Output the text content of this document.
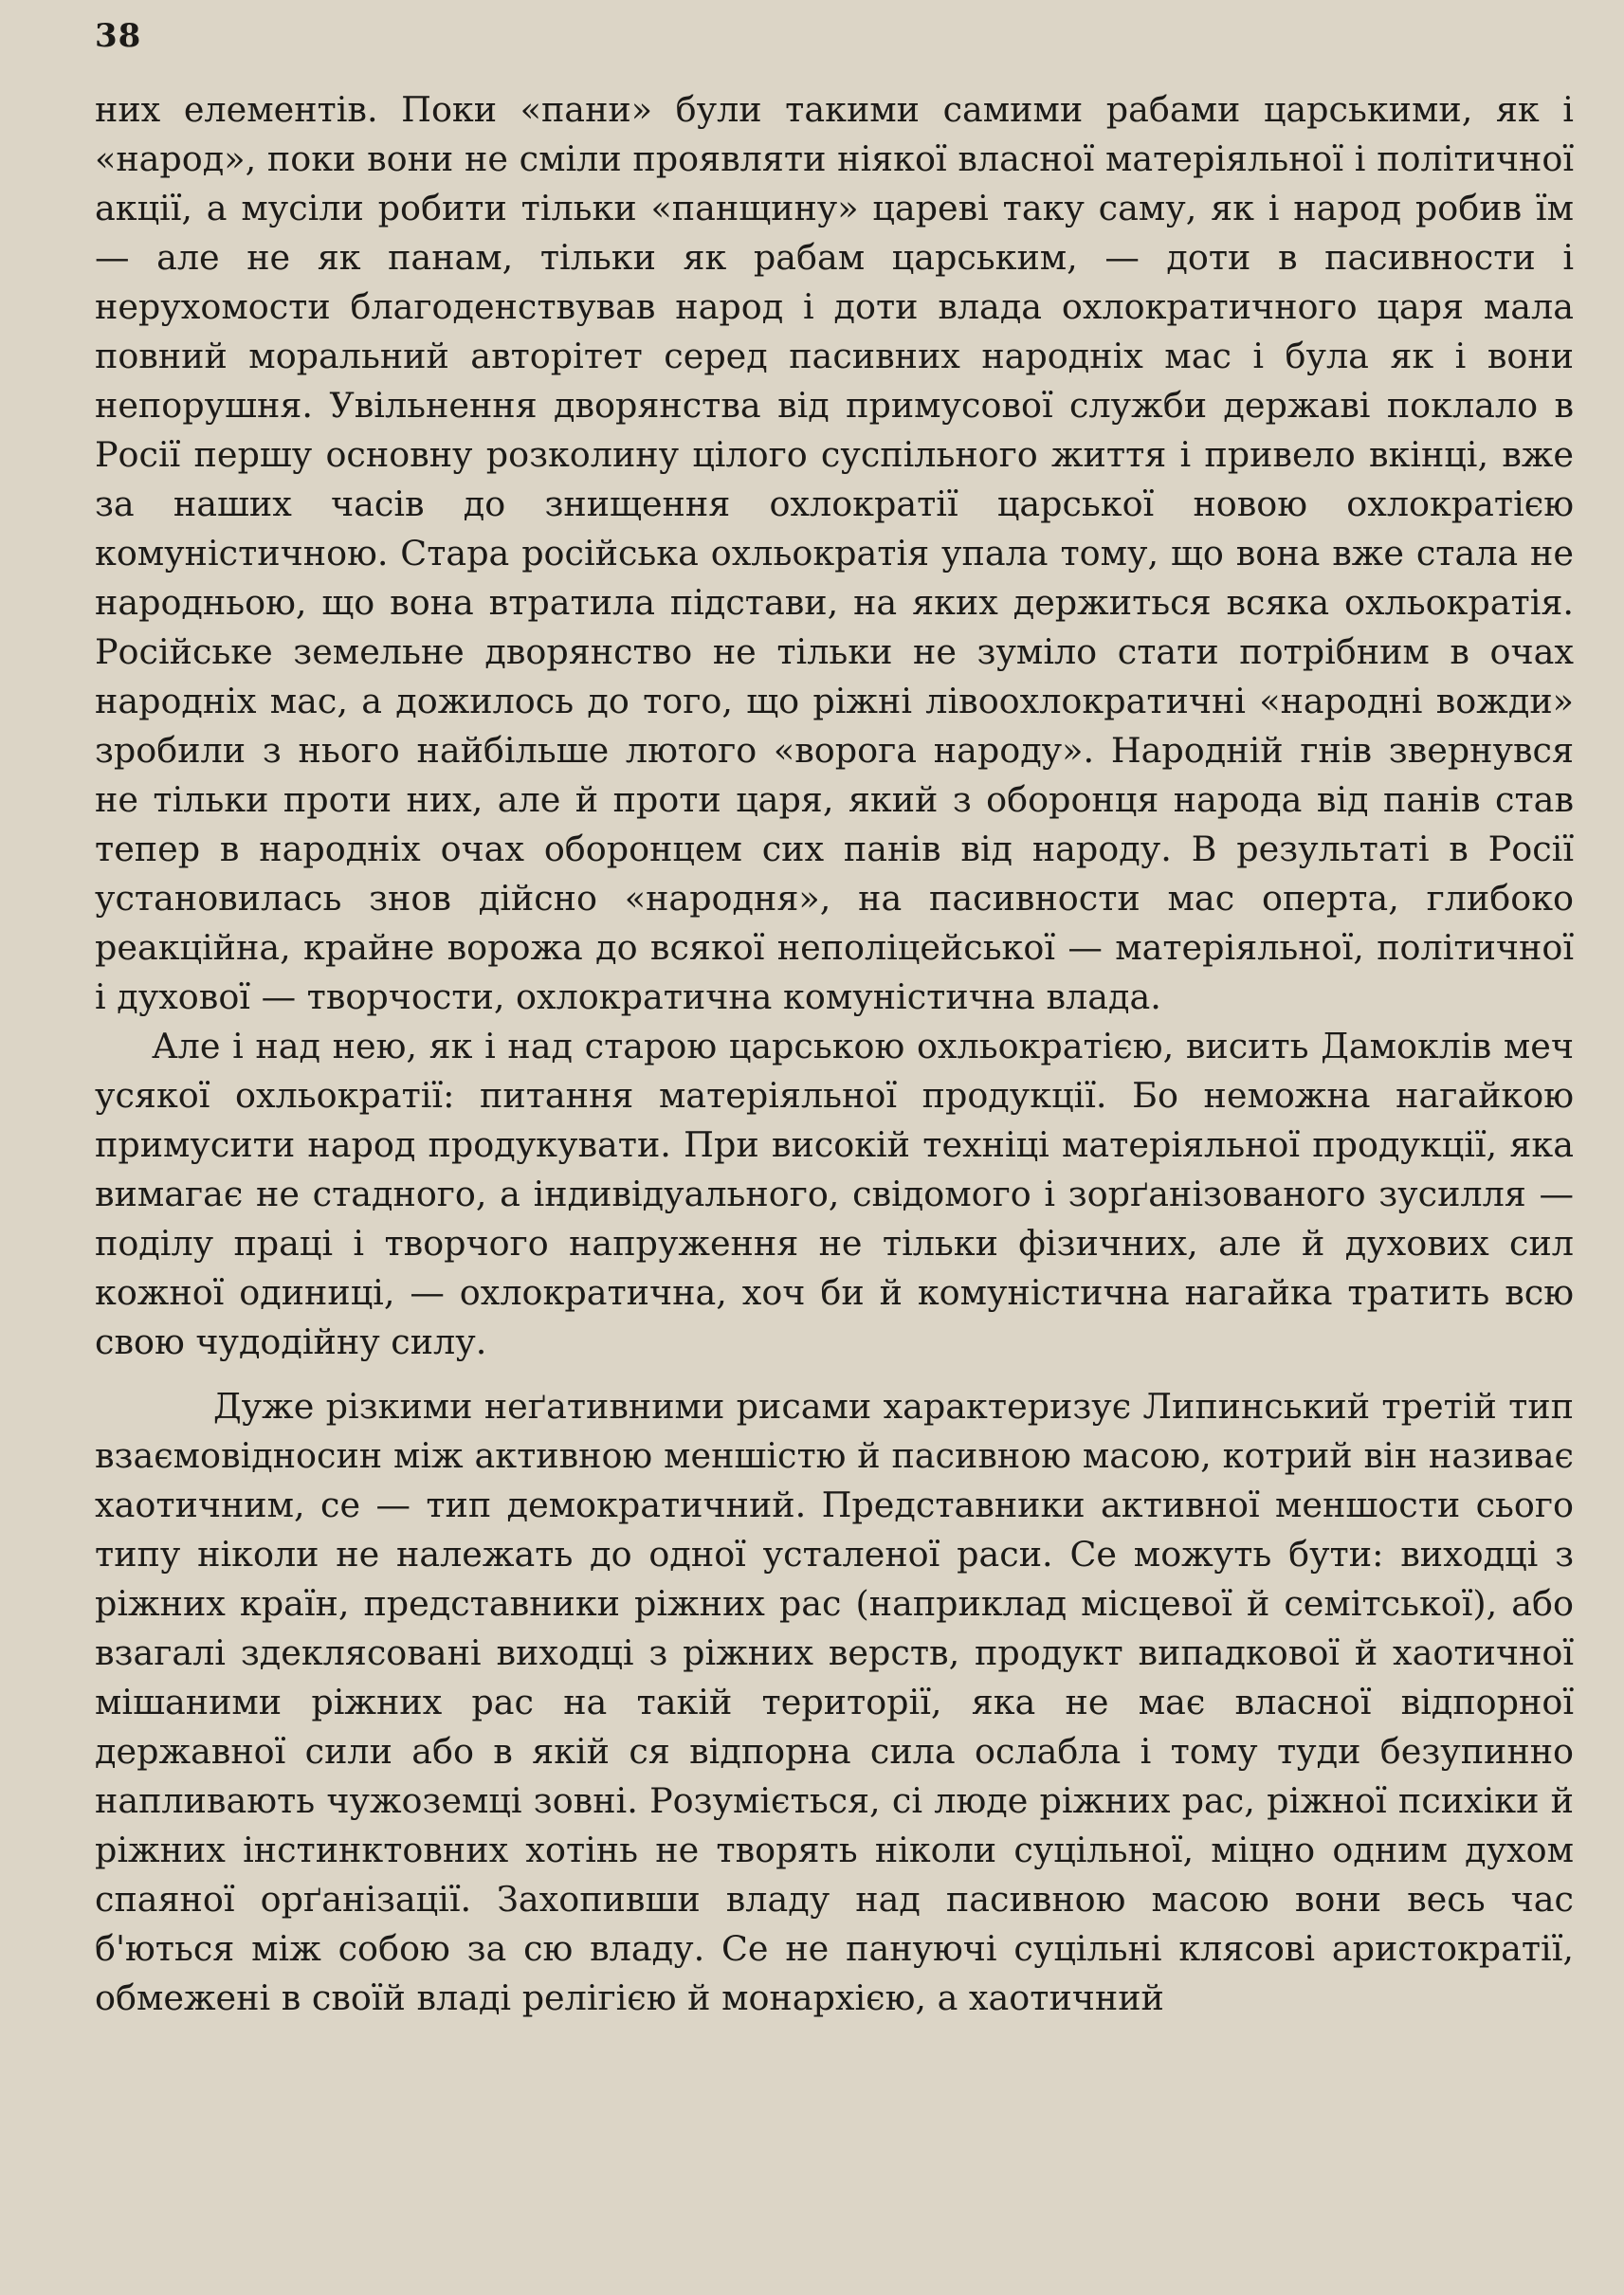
38

них елементів. Поки «пани» були такими самими рабами царськими, як і «народ», поки вони не сміли проявляти ніякої власної матеріяльної і політичної акції, а мусіли робити тільки «панщину» цареві таку саму, як і народ робив їм — але не як панам, тільки як рабам царським, — доти в пасивности і нерухомости благоденствував народ і доти влада охлократичного царя мала повний моральний авторітет серед пасивних народніх мас і була як і вони непорушня. Увільнення дворянства від примусової служби державі поклало в Росії першу основну розколину цілого суспільного життя і привело вкінці, вже за наших часів до знищення охлократії царської новою охлократією комуністичною. Стара російська охльократія упала тому, що вона вже стала не народньою, що вона втратила підстави, на яких держиться всяка охльократія. Російське земельне дворянство не тільки не зуміло стати потрібним в очах народніх мас, а дожилось до того, що ріжні лівоохлократичні «народні вожди» зробили з нього найбільше лютого «ворога народу». Народній гнів звернувся не тільки проти них, але й проти царя, який з оборонця народа від панів став тепер в народніх очах оборонцем сих панів від народу. В результаті в Росії установилась знов дійсно «народня», на пасивности мас оперта, глибоко реакційна, крайне ворожа до всякої неполіцейської — матеріяльної, політичної і духової — творчости, охлократична комуністична влада.

Але і над нею, як і над старою царською охльократією, висить Дамоклів меч усякої охльократії: питання матеріяльної продукції. Бо неможна нагайкою примусити народ продукувати. При високій техніці матеріяльної продукції, яка вимагає не стадного, а індивідуального, свідомого і зорґанізованого зусилля — поділу праці і творчого напруження не тільки фізичних, але й духових сил кожної одиниці, — охлократична, хоч би й комуністична нагайка тратить всю свою чудодійну силу.

Дуже різкими неґативними рисами характеризує Липинський третій тип взаємовідносин між активною меншістю й пасивною масою, котрий він називає хаотичним, се — тип демократичний. Представники активної меншости сього типу ніколи не належать до одної усталеної раси. Се можуть бути: виходці з ріжних країн, представники ріжних рас (наприклад місцевої й семітської), або взагалі здеклясовані виходці з ріжних верств, продукт випадкової й хаотичної мішаними ріжних рас на такій території, яка не має власної відпорної державної сили або в якій ся відпорна сила ослабла і тому туди безупинно напливають чужоземці зовні. Розуміється, сі люде ріжних рас, ріжної психіки й ріжних інстинктовних хотінь не творять ніколи суцільної, міцно одним духом спаяної орґанізації. Захопивши владу над пасивною масою вони весь час б'ються між собою за сю владу. Се не пануючі суцільні клясові аристократії, обмежені в своїй владі релігією й монархією, а хаотичний
